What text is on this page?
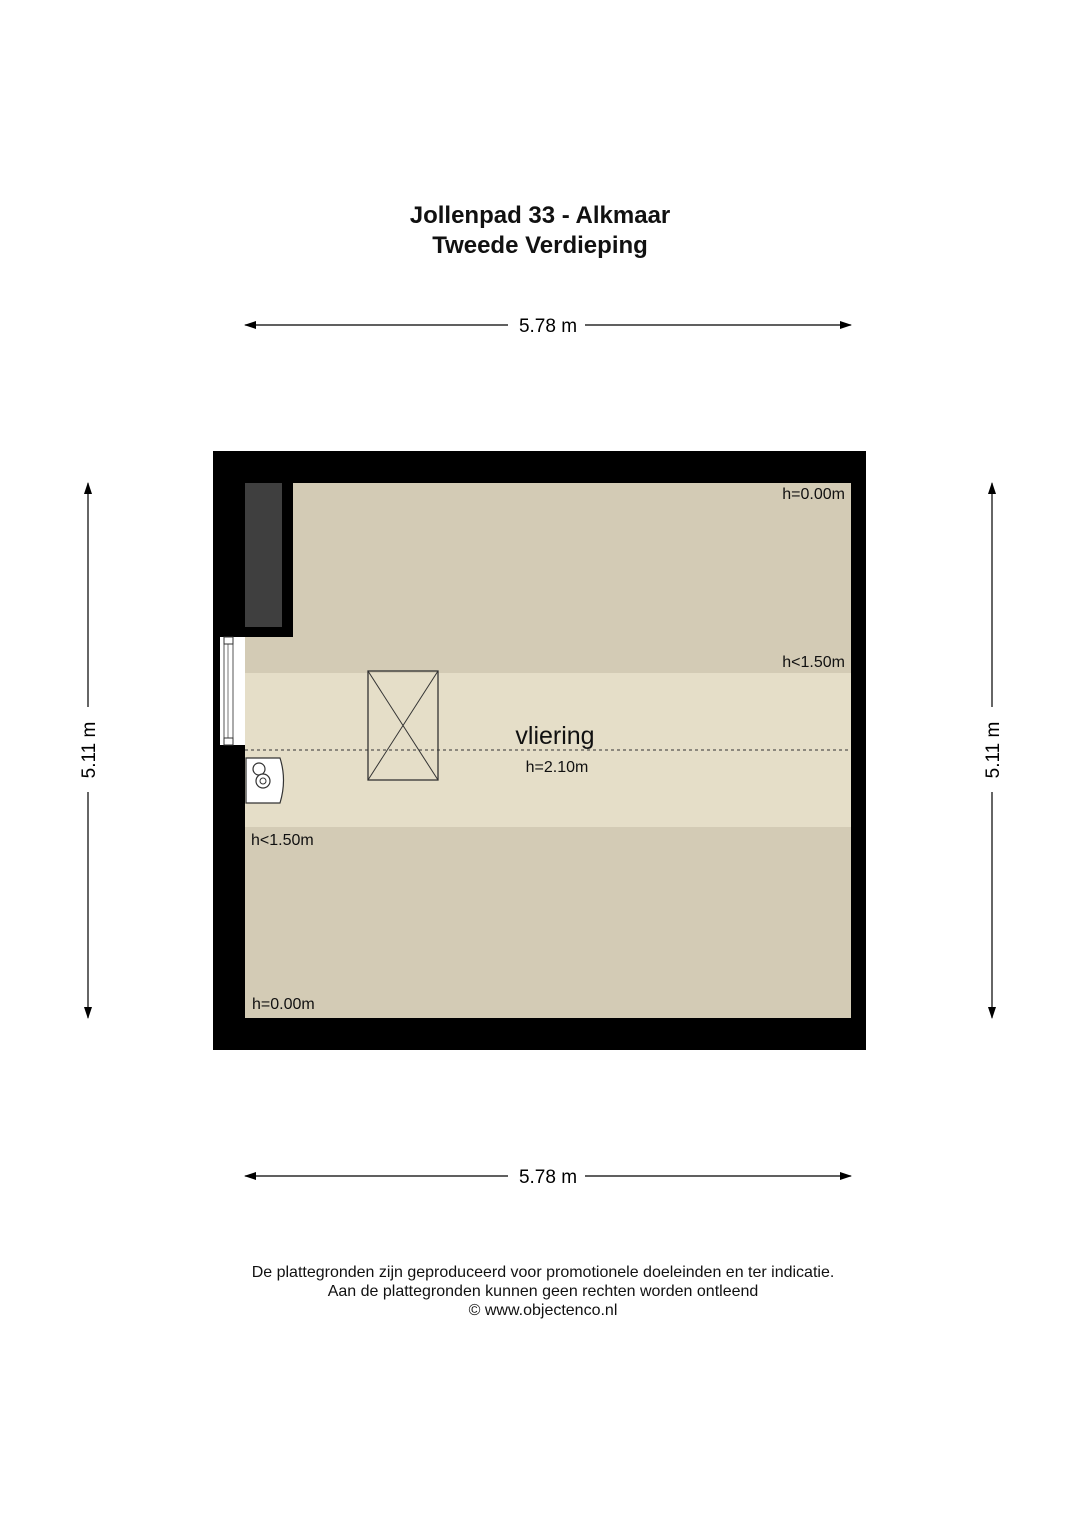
Jollenpad 33 - Alkmaar
Tweede Verdieping
5.78 m
5.78 m
5.11 m	5.11 m
vliering
h=2.10m
h=0.00m
h<1.50m
h<1.50m
h=0.00m
De plattegronden zijn geproduceerd voor promotionele doeleinden en ter indicatie.
Aan de plattegronden kunnen geen rechten worden ontleend
© www.objectenco.nl
